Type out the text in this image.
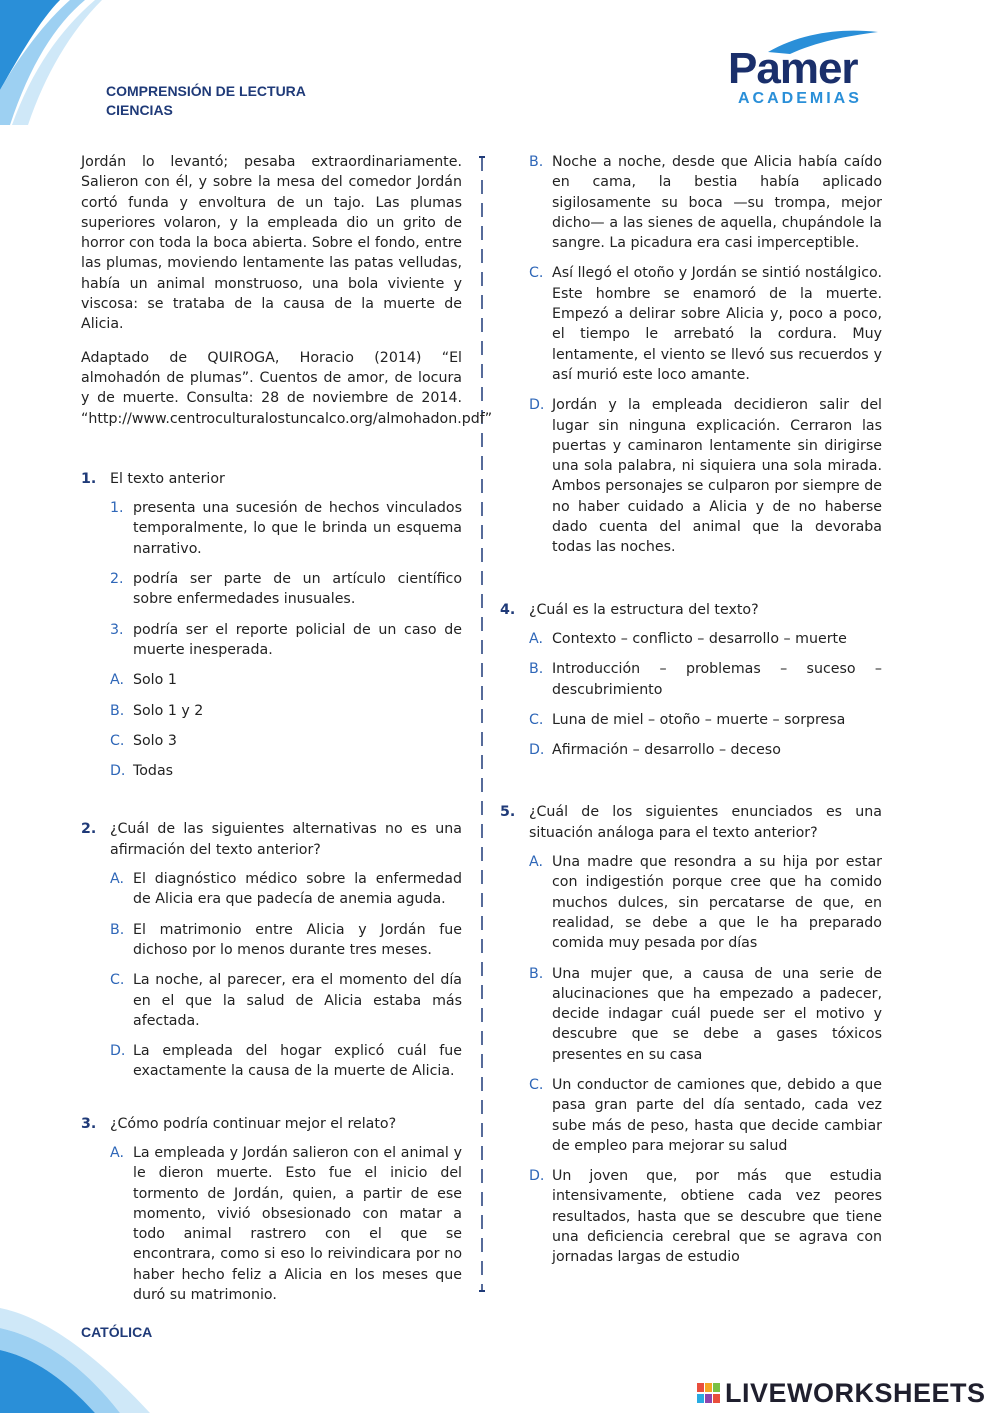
COMPRENSIÓN DE LECTURA
CIENCIAS
Pamer
ACADEMIAS

Jordán lo levantó; pesaba extraordinariamente. Salieron con él, y sobre la mesa del comedor Jordán cortó funda y envoltura de un tajo. Las plumas superiores volaron, y la empleada dio un grito de horror con toda la boca abierta. Sobre el fondo, entre las plumas, moviendo lentamente las patas velludas, había un animal monstruoso, una bola viviente y viscosa: se trataba de la causa de la muerte de Alicia.

Adaptado de QUIROGA, Horacio (2014) “El almohadón de plumas”. Cuentos de amor, de locura y de muerte. Consulta: 28 de noviembre de 2014. “http://www.centroculturalostuncalco.org/almohadon.pdf”

1. El texto anterior
1. presenta una sucesión de hechos vinculados temporalmente, lo que le brinda un esquema narrativo.
2. podría ser parte de un artículo científico sobre enfermedades inusuales.
3. podría ser el reporte policial de un caso de muerte inesperada.
A. Solo 1
B. Solo 1 y 2
C. Solo 3
D. Todas
2. ¿Cuál de las siguientes alternativas no es una afirmación del texto anterior?
A. El diagnóstico médico sobre la enfermedad de Alicia era que padecía de anemia aguda.
B. El matrimonio entre Alicia y Jordán fue dichoso por lo menos durante tres meses.
C. La noche, al parecer, era el momento del día en el que la salud de Alicia estaba más afectada.
D. La empleada del hogar explicó cuál fue exactamente la causa de la muerte de Alicia.
3. ¿Cómo podría continuar mejor el relato?
A. La empleada y Jordán salieron con el animal y le dieron muerte. Esto fue el inicio del tormento de Jordán, quien, a partir de ese momento, vivió obsesionado con matar a todo animal rastrero con el que se encontrara, como si eso lo reivindicara por no haber hecho feliz a Alicia en los meses que duró su matrimonio.
B. Noche a noche, desde que Alicia había caído en cama, la bestia había aplicado sigilosamente su boca —su trompa, mejor dicho— a las sienes de aquella, chupándole la sangre. La picadura era casi imperceptible.
C. Así llegó el otoño y Jordán se sintió nostálgico. Este hombre se enamoró de la muerte. Empezó a delirar sobre Alicia y, poco a poco, el tiempo le arrebató la cordura. Muy lentamente, el viento se llevó sus recuerdos y así murió este loco amante.
D. Jordán y la empleada decidieron salir del lugar sin ninguna explicación. Cerraron las puertas y caminaron lentamente sin dirigirse una sola palabra, ni siquiera una sola mirada. Ambos personajes se culparon por siempre de no haber cuidado a Alicia y de no haberse dado cuenta del animal que la devoraba todas las noches.
4. ¿Cuál es la estructura del texto?
A. Contexto – conflicto – desarrollo – muerte
B. Introducción – problemas – suceso – descubrimiento
C. Luna de miel – otoño – muerte – sorpresa
D. Afirmación – desarrollo – deceso
5. ¿Cuál de los siguientes enunciados es una situación análoga para el texto anterior?
A. Una madre que resondra a su hija por estar con indigestión porque cree que ha comido muchos dulces, sin percatarse de que, en realidad, se debe a que le ha preparado comida muy pesada por días
B. Una mujer que, a causa de una serie de alucinaciones que ha empezado a padecer, decide indagar cuál puede ser el motivo y descubre que se debe a gases tóxicos presentes en su casa
C. Un conductor de camiones que, debido a que pasa gran parte del día sentado, cada vez sube más de peso, hasta que decide cambiar de empleo para mejorar su salud
D. Un joven que, por más que estudia intensivamente, obtiene cada vez peores resultados, hasta que se descubre que tiene una deficiencia cerebral que se agrava con jornadas largas de estudio
CATÓLICA
LIVEWORKSHEETS
